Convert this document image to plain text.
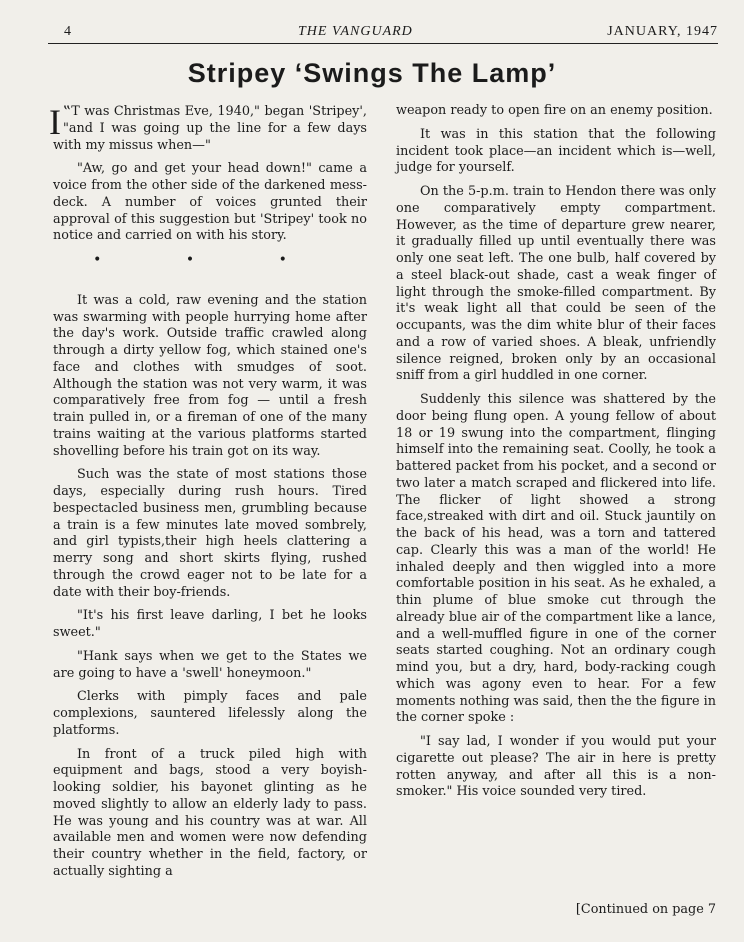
4	THE VANGUARD	JANUARY, 1947
Stripey ‘Swings The Lamp’

‟
I T was Christmas Eve, 1940," began 'Stripey', "and I was going up the line for a few days with my missus when—"

"Aw, go and get your head down!" came a voice from the other side of the darkened mess-deck. A number of voices grunted their approval of this suggestion but 'Stripey' took no notice and carried on with his story.

• • •

It was a cold, raw evening and the station was swarming with people hurrying home after the day's work. Outside traffic crawled along through a dirty yellow fog, which stained one's face and clothes with smudges of soot. Although the station was not very warm, it was comparatively free from fog — until a fresh train pulled in, or a fireman of one of the many trains waiting at the various platforms started shovelling before his train got on its way.

Such was the state of most stations those days, especially during rush hours. Tired bespectacled business men, grumbling because a train is a few minutes late moved sombrely, and girl typists,their high heels clattering a merry song and short skirts flying, rushed through the crowd eager not to be late for a date with their boy-friends.

"It's his first leave darling, I bet he looks sweet."

"Hank says when we get to the States we are going to have a 'swell' honeymoon."

Clerks with pimply faces and pale complexions, sauntered lifelessly along the platforms.

In front of a truck piled high with equipment and bags, stood a very boyish-looking soldier, his bayonet glinting as he moved slightly to allow an elderly lady to pass. He was young and his country was at war. All available men and women were now defending their country whether in the field, factory, or actually sighting a

weapon ready to open fire on an enemy position.

It was in this station that the following incident took place—an incident which is—well, judge for yourself.

On the 5-p.m. train to Hendon there was only one comparatively empty compartment. However, as the time of departure grew nearer, it gradually filled up until eventually there was only one seat left. The one bulb, half covered by a steel black-out shade, cast a weak finger of light through the smoke-filled compartment. By it's weak light all that could be seen of the occupants, was the dim white blur of their faces and a row of varied shoes. A bleak, unfriendly silence reigned, broken only by an occasional sniff from a girl huddled in one corner.

Suddenly this silence was shattered by the door being flung open. A young fellow of about 18 or 19 swung into the compartment, flinging himself into the remaining seat. Coolly, he took a battered packet from his pocket, and a second or two later a match scraped and flickered into life. The flicker of light showed a strong face,streaked with dirt and oil. Stuck jauntily on the back of his head, was a torn and tattered cap. Clearly this was a man of the world! He inhaled deeply and then wiggled into a more comfortable position in his seat. As he exhaled, a thin plume of blue smoke cut through the already blue air of the compartment like a lance, and a well-muffled figure in one of the corner seats started coughing. Not an ordinary cough mind you, but a dry, hard, body-racking cough which was agony even to hear. For a few moments nothing was said, then the the figure in the corner spoke :

"I say lad, I wonder if you would put your cigarette out please? The air in here is pretty rotten anyway, and after all this is a non-smoker." His voice sounded very tired.

[Continued on page 7
